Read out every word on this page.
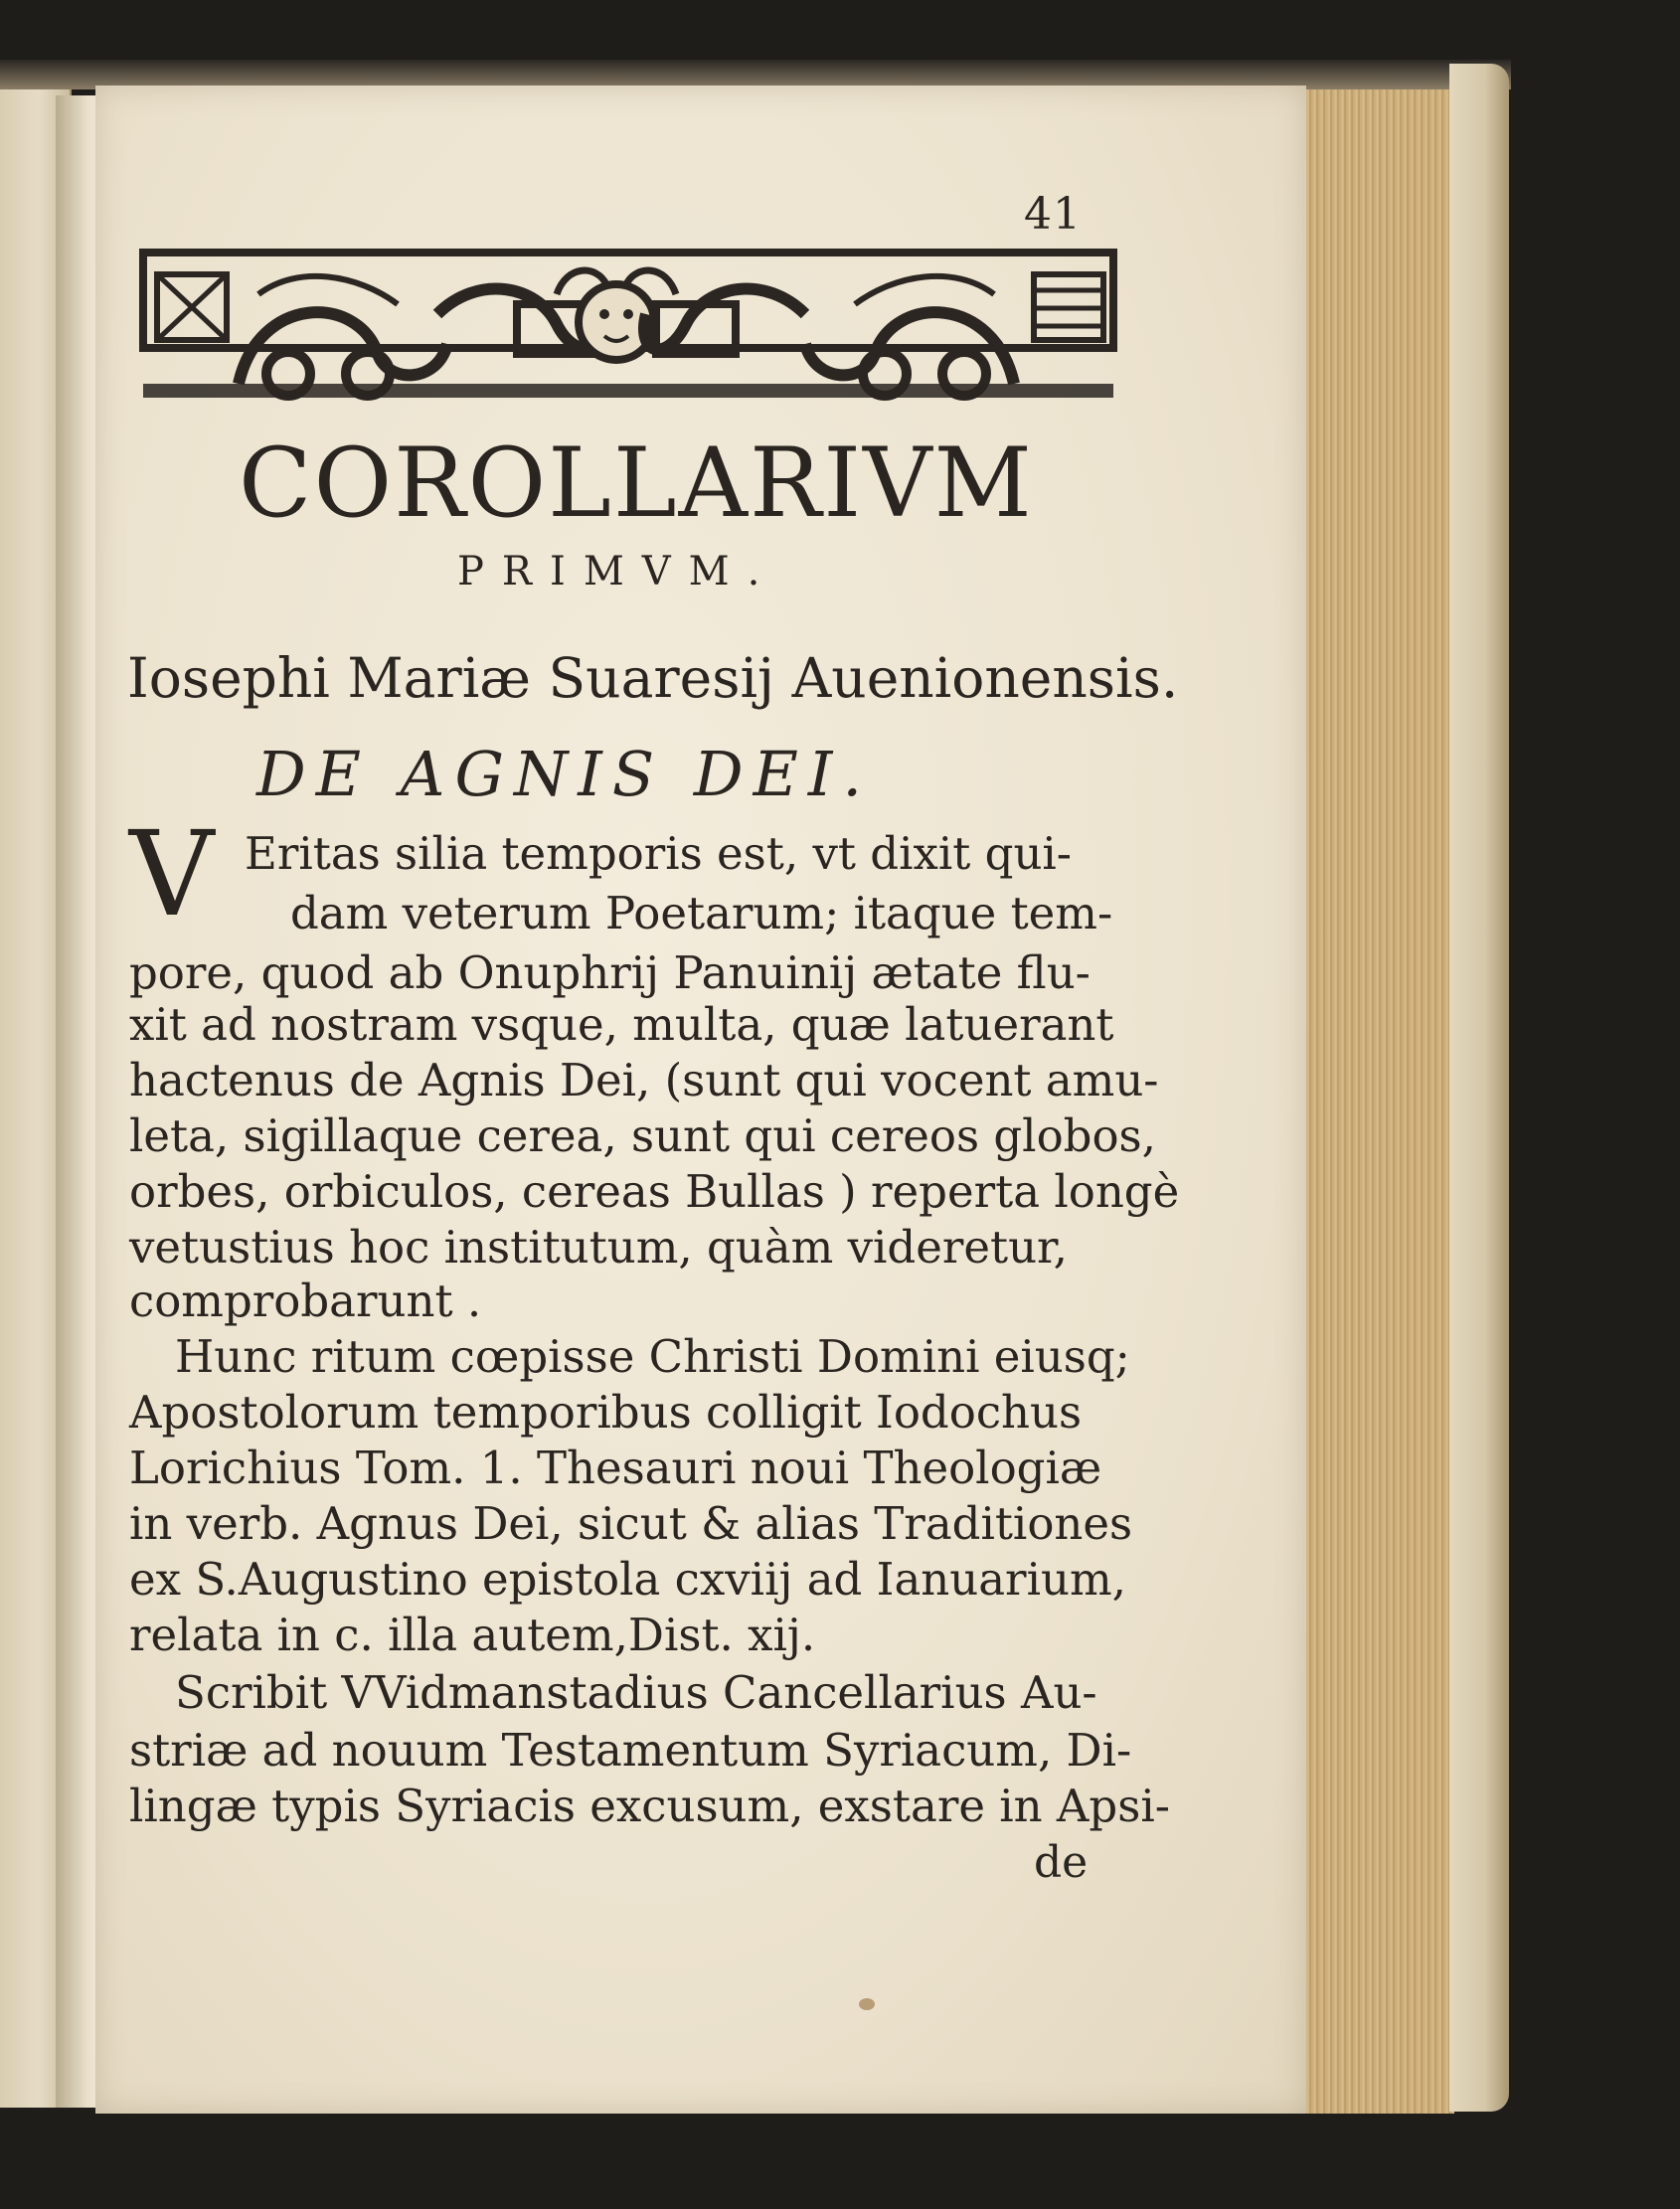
41
COROLLARIVM
PRIMVM.
Iosephi Mariæ Suaresij Auenionensis.
DE AGNIS DEI.
V Eritas silia temporis est, vt dixit qui-
dam veterum Poetarum; itaque tem-
pore, quod ab Onuphrij Panuinij ætate flu-
xit ad nostram vsque, multa, quæ latuerant
hactenus de Agnis Dei, (sunt qui vocent amu-
leta, sigillaque cerea, sunt qui cereos globos,
orbes, orbiculos, cereas Bullas ) reperta longè
vetustius hoc institutum, quàm videretur,
comprobarunt .
Hunc ritum cœpisse Christi Domini eiusq;
Apostolorum temporibus colligit Iodochus
Lorichius Tom. 1. Thesauri noui Theologiæ
in verb. Agnus Dei, sicut & alias Traditiones
ex S.Augustino epistola cxviij ad Ianuarium,
relata in c. illa autem,Dist. xij.
Scribit VVidmanstadius Cancellarius Au-
striæ ad nouum Testamentum Syriacum, Di-
lingæ typis Syriacis excusum, exstare in Apsi-
de
